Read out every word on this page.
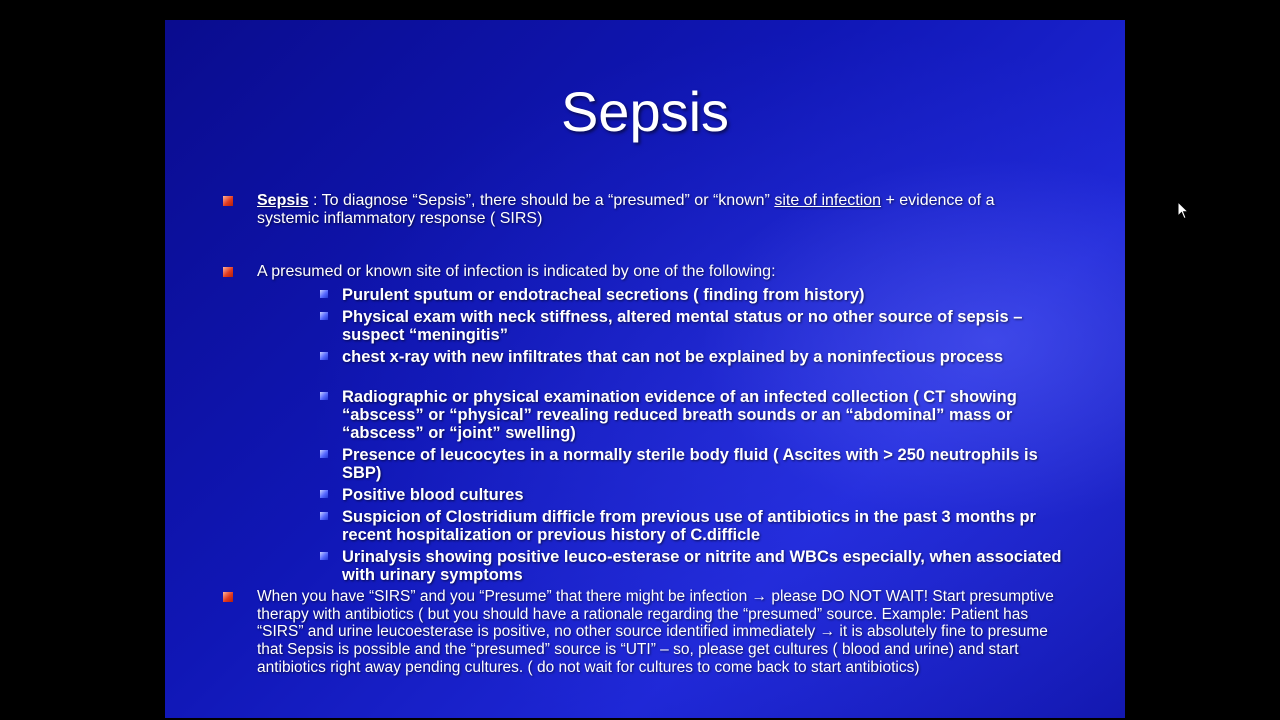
Sepsis
Sepsis : To diagnose “Sepsis”, there should be a “presumed” or “known” site of infection + evidence of a systemic inflammatory response ( SIRS)
A presumed or known site of infection is indicated by one of the following:
Purulent sputum or endotracheal secretions ( finding from history)
Physical exam with neck stiffness, altered mental status or no other source of sepsis – suspect “meningitis”
chest x-ray with new infiltrates that can not be explained by a noninfectious process
Radiographic or physical examination evidence of an infected collection ( CT showing “abscess” or “physical” revealing reduced breath sounds or an “abdominal” mass or “abscess” or “joint” swelling)
Presence of leucocytes in a normally sterile body fluid ( Ascites with > 250 neutrophils is SBP)
Positive blood cultures
Suspicion of Clostridium difficle from previous use of antibiotics in the past 3 months pr recent hospitalization or previous history of C.difficle
Urinalysis showing positive leuco-esterase or nitrite and WBCs especially, when associated with urinary symptoms
When you have “SIRS” and you “Presume” that there might be infection → please DO NOT WAIT! Start presumptive therapy with antibiotics ( but you should have a rationale regarding the “presumed” source. Example: Patient has “SIRS” and urine leucoesterase is positive, no other source identified immediately → it is absolutely fine to presume that Sepsis is possible and the “presumed” source is “UTI” – so, please get cultures ( blood and urine) and start antibiotics right away pending cultures. ( do not wait for cultures to come back to start antibiotics)
